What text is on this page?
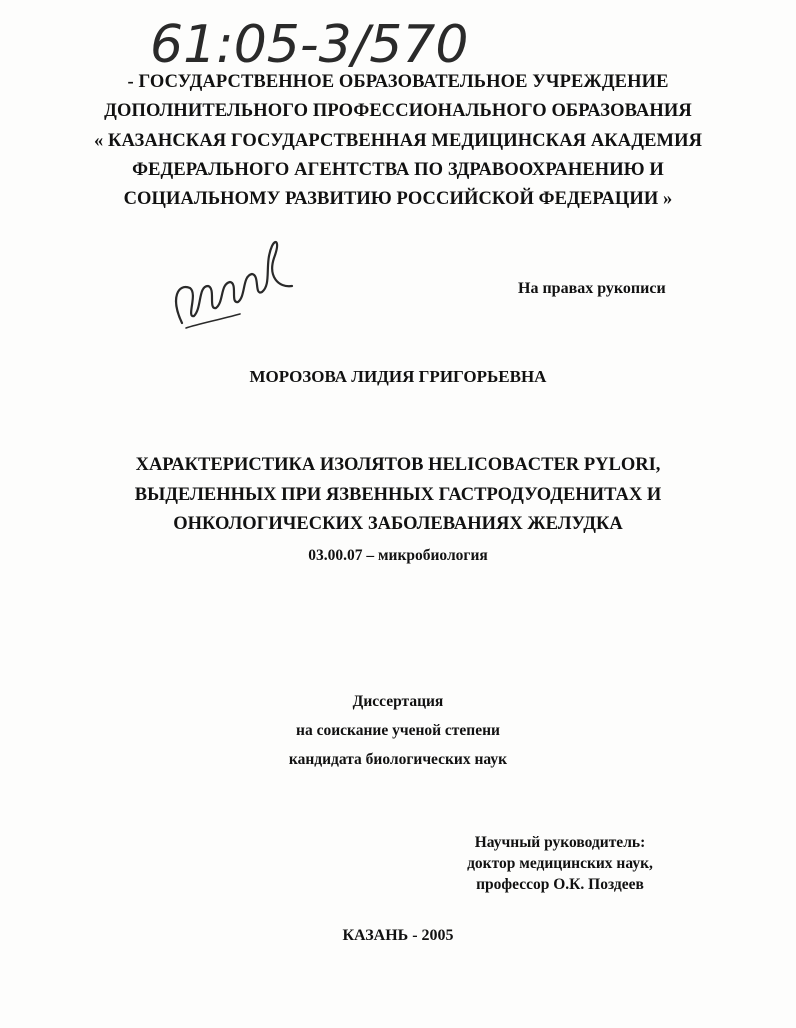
61:05-3/570
- ГОСУДАРСТВЕННОЕ ОБРАЗОВАТЕЛЬНОЕ УЧРЕЖДЕНИЕ
ДОПОЛНИТЕЛЬНОГО ПРОФЕССИОНАЛЬНОГО ОБРАЗОВАНИЯ
« КАЗАНСКАЯ ГОСУДАРСТВЕННАЯ МЕДИЦИНСКАЯ АКАДЕМИЯ
ФЕДЕРАЛЬНОГО АГЕНТСТВА ПО ЗДРАВООХРАНЕНИЮ И
СОЦИАЛЬНОМУ РАЗВИТИЮ РОССИЙСКОЙ ФЕДЕРАЦИИ »
На правах рукописи
МОРОЗОВА ЛИДИЯ ГРИГОРЬЕВНА
ХАРАКТЕРИСТИКА ИЗОЛЯТОВ HELICOBACTER PYLORI,
ВЫДЕЛЕННЫХ ПРИ ЯЗВЕННЫХ ГАСТРОДУОДЕНИТАХ И
ОНКОЛОГИЧЕСКИХ ЗАБОЛЕВАНИЯХ ЖЕЛУДКА
03.00.07 – микробиология
Диссертация
на соискание ученой степени
кандидата биологических наук
Научный руководитель:
доктор медицинских наук,
профессор О.К. Поздеев
КАЗАНЬ - 2005
